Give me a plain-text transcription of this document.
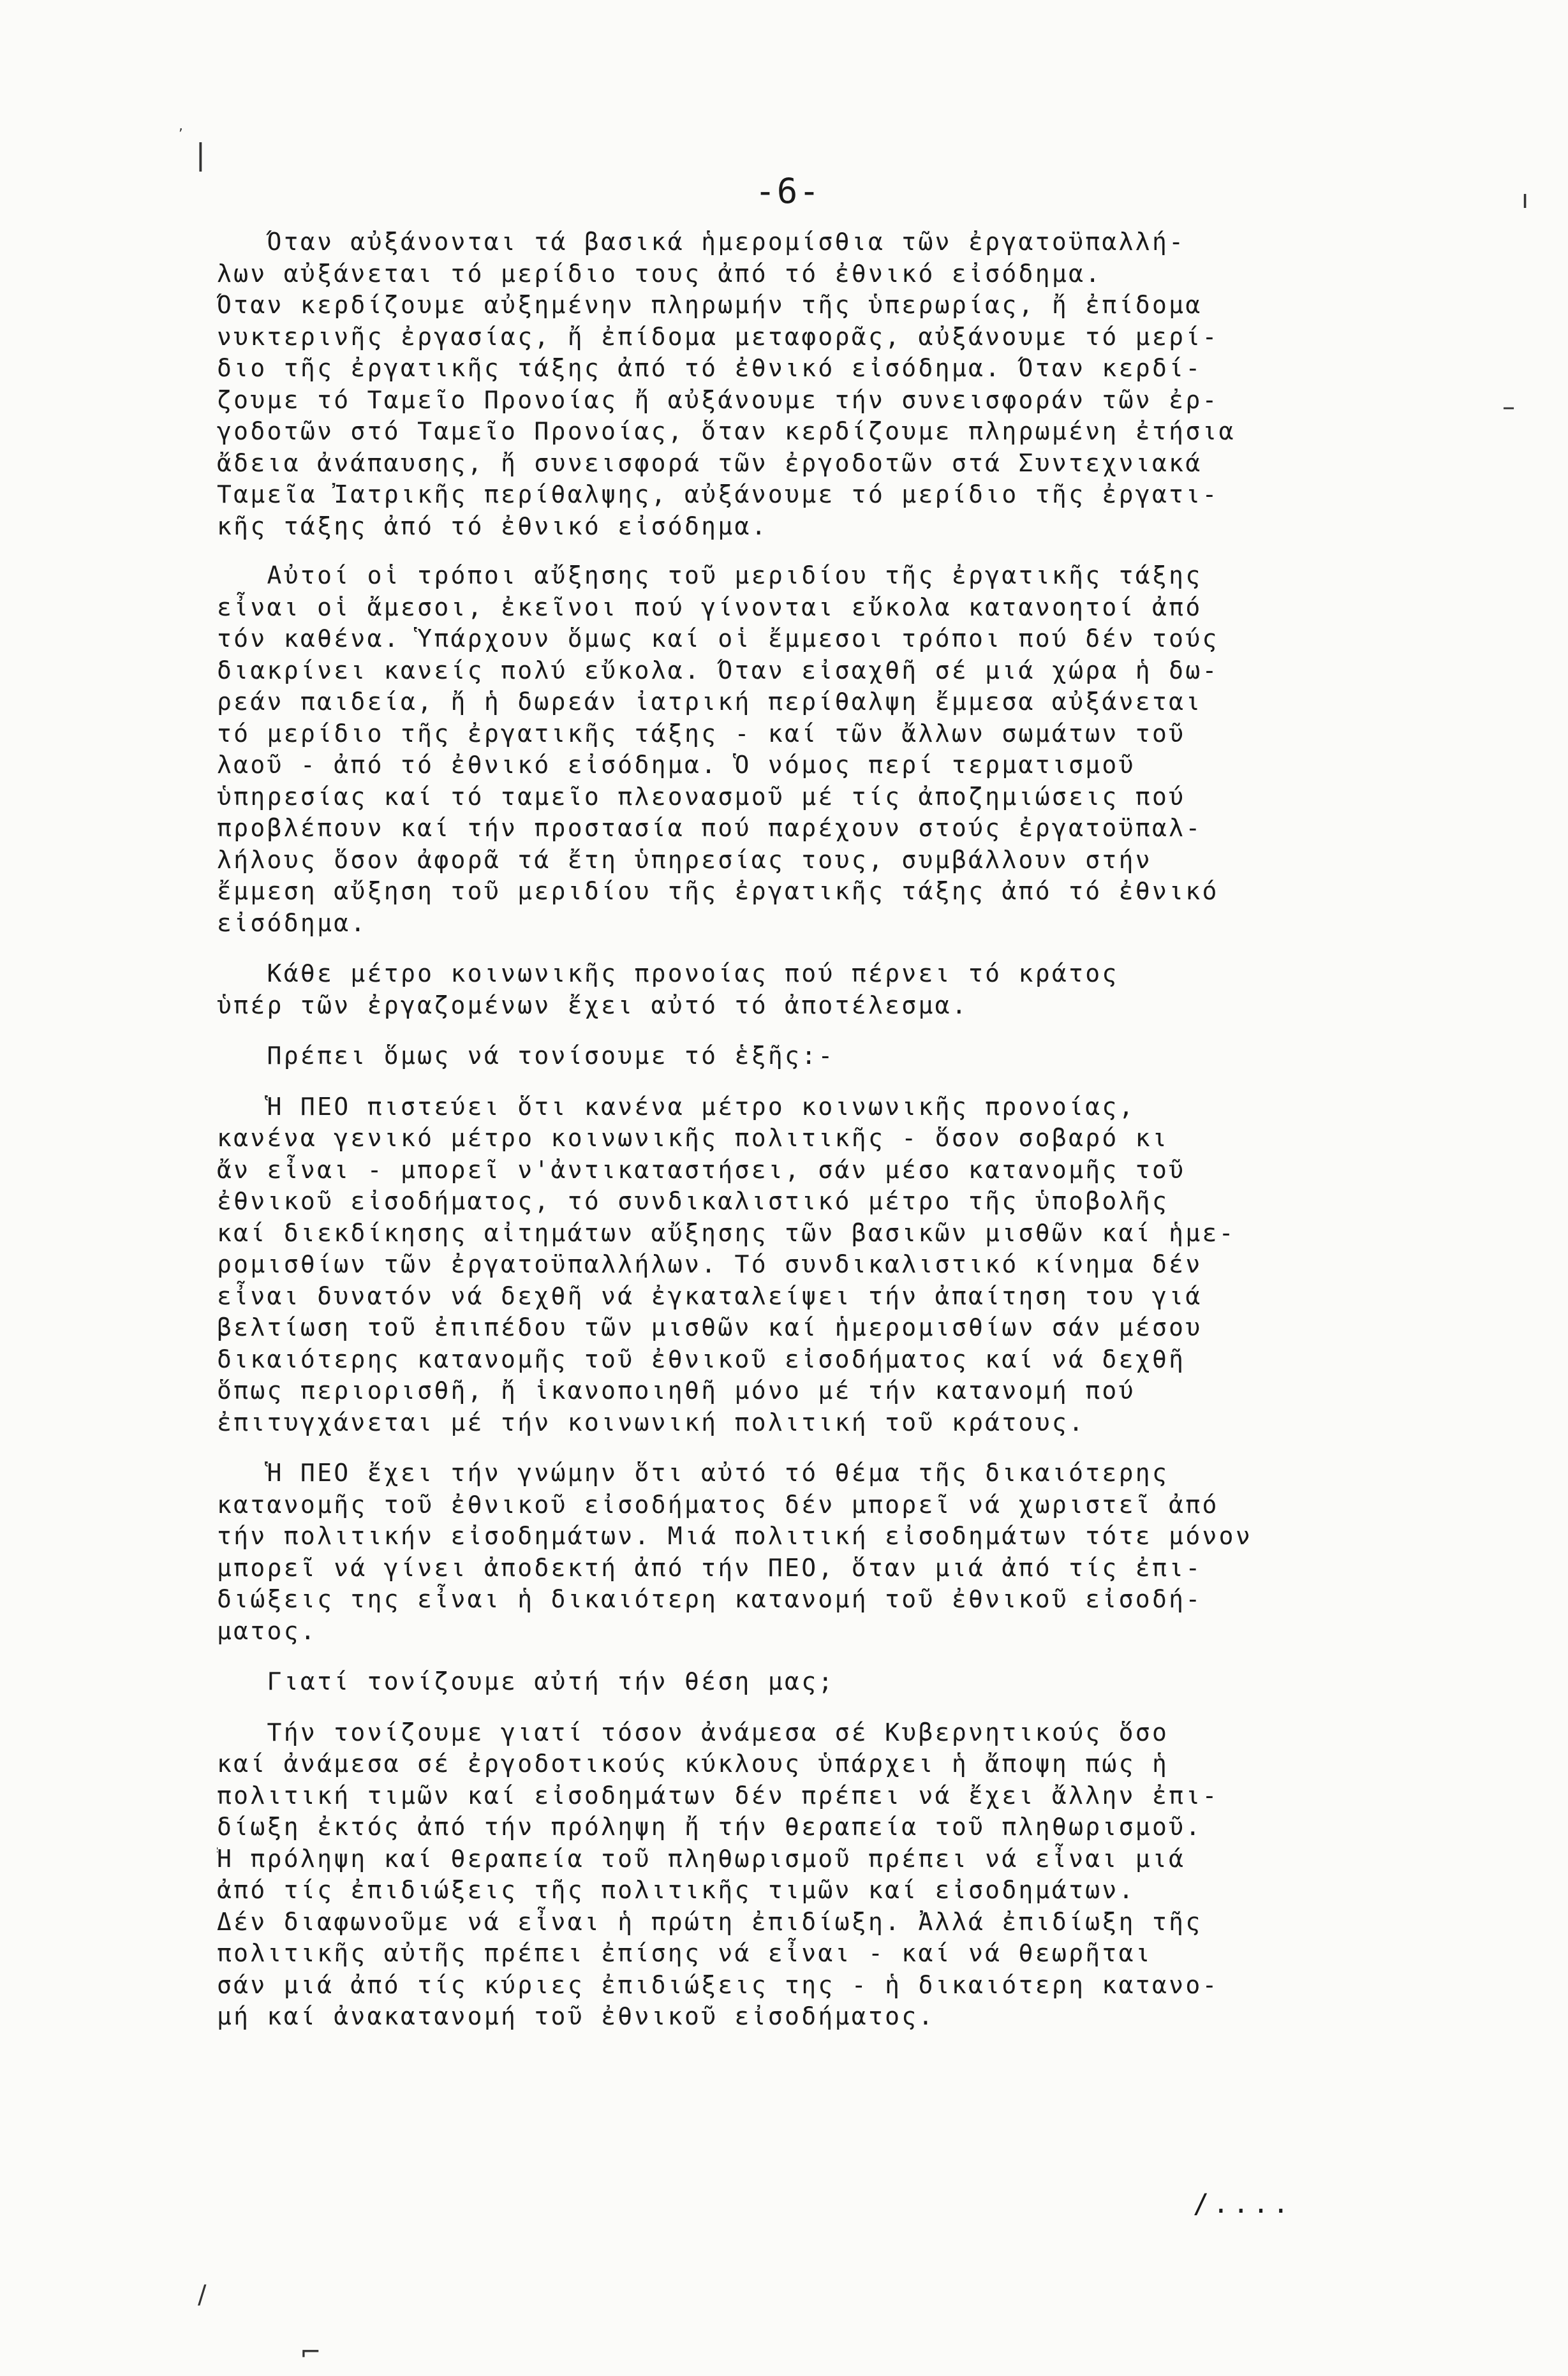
❘
,
ı
–
/
⌐
-6-
Όταν αὐξάνονται τά βασικά ἡμερομίσθια τῶν ἐργατοϋπαλλή-
λων αὐξάνεται τό μερίδιο τους ἀπό τό ἐθνικό εἰσόδημα.
Όταν κερδίζουμε αὐξημένην πληρωμήν τῆς ὑπερωρίας, ἤ ἐπίδομα
νυκτερινῆς ἐργασίας, ἤ ἐπίδομα μεταφορᾶς, αὐξάνουμε τό μερί-
διο τῆς ἐργατικῆς τάξης ἀπό τό ἐθνικό εἰσόδημα. Όταν κερδί-
ζουμε τό Ταμεῖο Προνοίας ἤ αὐξάνουμε τήν συνεισφοράν τῶν ἐρ-
γοδοτῶν στό Ταμεῖο Προνοίας, ὅταν κερδίζουμε πληρωμένη ἐτήσια
ἄδεια ἀνάπαυσης, ἤ συνεισφορά τῶν ἐργοδοτῶν στά Συντεχνιακά
Ταμεῖα Ἰατρικῆς περίθαλψης, αὐξάνουμε τό μερίδιο τῆς ἐργατι-
κῆς τάξης ἀπό τό ἐθνικό εἰσόδημα.
Αὐτοί οἱ τρόποι αὔξησης τοῦ μεριδίου τῆς ἐργατικῆς τάξης
εἶναι οἱ ἄμεσοι, ἐκεῖνοι πού γίνονται εὔκολα κατανοητοί ἀπό
τόν καθένα. Ὑπάρχουν ὅμως καί οἱ ἔμμεσοι τρόποι πού δέν τούς
διακρίνει κανείς πολύ εὔκολα. Όταν εἰσαχθῆ σέ μιά χώρα ἡ δω-
ρεάν παιδεία, ἤ ἡ δωρεάν ἰατρική περίθαλψη ἔμμεσα αὐξάνεται
τό μερίδιο τῆς ἐργατικῆς τάξης - καί τῶν ἄλλων σωμάτων τοῦ
λαοῦ - ἀπό τό ἐθνικό εἰσόδημα. Ὁ νόμος περί τερματισμοῦ
ὑπηρεσίας καί τό ταμεῖο πλεονασμοῦ μέ τίς ἀποζημιώσεις πού
προβλέπουν καί τήν προστασία πού παρέχουν στούς ἐργατοϋπαλ-
λήλους ὅσον ἀφορᾶ τά ἔτη ὑπηρεσίας τους, συμβάλλουν στήν
ἔμμεση αὔξηση τοῦ μεριδίου τῆς ἐργατικῆς τάξης ἀπό τό ἐθνικό
εἰσόδημα.
Κάθε μέτρο κοινωνικῆς προνοίας πού πέρνει τό κράτος
ὑπέρ τῶν ἐργαζομένων ἔχει αὐτό τό ἀποτέλεσμα.
Πρέπει ὅμως νά τονίσουμε τό ἑξῆς:-
Ἡ ΠΕΟ πιστεύει ὅτι κανένα μέτρο κοινωνικῆς προνοίας,
κανένα γενικό μέτρο κοινωνικῆς πολιτικῆς - ὅσον σοβαρό κι
ἄν εἶναι - μπορεῖ ν'ἀντικαταστήσει, σάν μέσο κατανομῆς τοῦ
ἐθνικοῦ εἰσοδήματος, τό συνδικαλιστικό μέτρο τῆς ὑποβολῆς
καί διεκδίκησης αἰτημάτων αὔξησης τῶν βασικῶν μισθῶν καί ἡμε-
ρομισθίων τῶν ἐργατοϋπαλλήλων. Τό συνδικαλιστικό κίνημα δέν
εἶναι δυνατόν νά δεχθῆ νά ἐγκαταλείψει τήν ἀπαίτηση του γιά
βελτίωση τοῦ ἐπιπέδου τῶν μισθῶν καί ἡμερομισθίων σάν μέσου
δικαιότερης κατανομῆς τοῦ ἐθνικοῦ εἰσοδήματος καί νά δεχθῆ
ὅπως περιορισθῆ, ἤ ἱκανοποιηθῆ μόνο μέ τήν κατανομή πού
ἐπιτυγχάνεται μέ τήν κοινωνική πολιτική τοῦ κράτους.
Ἡ ΠΕΟ ἔχει τήν γνώμην ὅτι αὐτό τό θέμα τῆς δικαιότερης
κατανομῆς τοῦ ἐθνικοῦ εἰσοδήματος δέν μπορεῖ νά χωριστεῖ ἀπό
τήν πολιτικήν εἰσοδημάτων. Μιά πολιτική εἰσοδημάτων τότε μόνον
μπορεῖ νά γίνει ἀποδεκτή ἀπό τήν ΠΕΟ, ὅταν μιά ἀπό τίς ἐπι-
διώξεις της εἶναι ἡ δικαιότερη κατανομή τοῦ ἐθνικοῦ εἰσοδή-
ματος.
Γιατί τονίζουμε αὐτή τήν θέση μας;
Τήν τονίζουμε γιατί τόσον ἀνάμεσα σέ Κυβερνητικούς ὅσο
καί ἀνάμεσα σέ ἐργοδοτικούς κύκλους ὑπάρχει ἡ ἄποψη πώς ἡ
πολιτική τιμῶν καί εἰσοδημάτων δέν πρέπει νά ἔχει ἄλλην ἐπι-
δίωξη ἐκτός ἀπό τήν πρόληψη ἤ τήν θεραπεία τοῦ πληθωρισμοῦ.
Ἡ πρόληψη καί θεραπεία τοῦ πληθωρισμοῦ πρέπει νά εἶναι μιά
ἀπό τίς ἐπιδιώξεις τῆς πολιτικῆς τιμῶν καί εἰσοδημάτων.
Δέν διαφωνοῦμε νά εἶναι ἡ πρώτη ἐπιδίωξη. Ἀλλά ἐπιδίωξη τῆς
πολιτικῆς αὐτῆς πρέπει ἐπίσης νά εἶναι - καί νά θεωρῆται
σάν μιά ἀπό τίς κύριες ἐπιδιώξεις της - ἡ δικαιότερη κατανο-
μή καί ἀνακατανομή τοῦ ἐθνικοῦ εἰσοδήματος.
/....
